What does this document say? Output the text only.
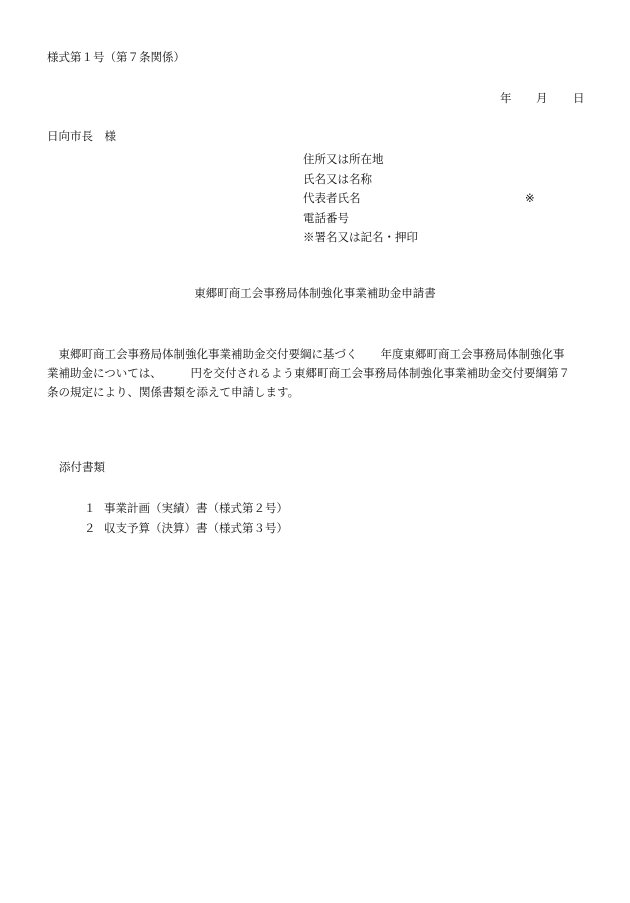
様式第１号（第７条関係）
年 月 日
日向市長　様
住所又は所在地
氏名又は名称
代表者氏名	※
電話番号
※署名又は記名・押印
東郷町商工会事務局体制強化事業補助金申請書
　東郷町商工会事務局体制強化事業補助金交付要綱に基づく　　年度東郷町商工会事務局体制強化事
業補助金については、　　　円を交付されるよう東郷町商工会事務局体制強化事業補助金交付要綱第７
条の規定により、関係書類を添えて申請します。
添付書類
１ 事業計画（実績）書（様式第２号）
２ 収支予算（決算）書（様式第３号）
